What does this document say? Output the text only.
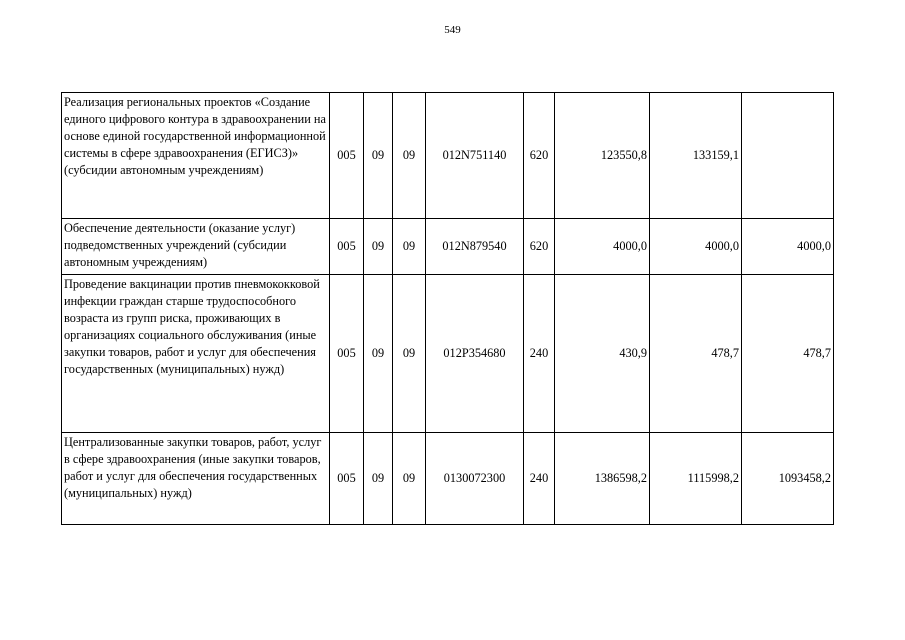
549
Реализация региональных проектов «Создание единого цифрового контура в здравоохранении на основе единой государственной информационной системы в сфере здравоохранения (ЕГИСЗ)» (субсидии автономным учреждениям)	005	09	09	012N751140	620	123550,8	133159,1	
Обеспечение деятельности (оказание услуг) подведомственных учреждений (субсидии автономным учреждениям)	005	09	09	012N879540	620	4000,0	4000,0	4000,0
Проведение вакцинации против пневмококковой инфекции граждан старше трудоспособного возраста из групп риска, проживающих в организациях социального обслуживания (иные закупки товаров, работ и услуг для обеспечения государственных (муниципальных) нужд)	005	09	09	012P354680	240	430,9	478,7	478,7
Централизованные закупки товаров, работ, услуг в сфере здравоохранения (иные закупки товаров, работ и услуг для обеспечения государственных (муниципальных) нужд)	005	09	09	0130072300	240	1386598,2	1115998,2	1093458,2
